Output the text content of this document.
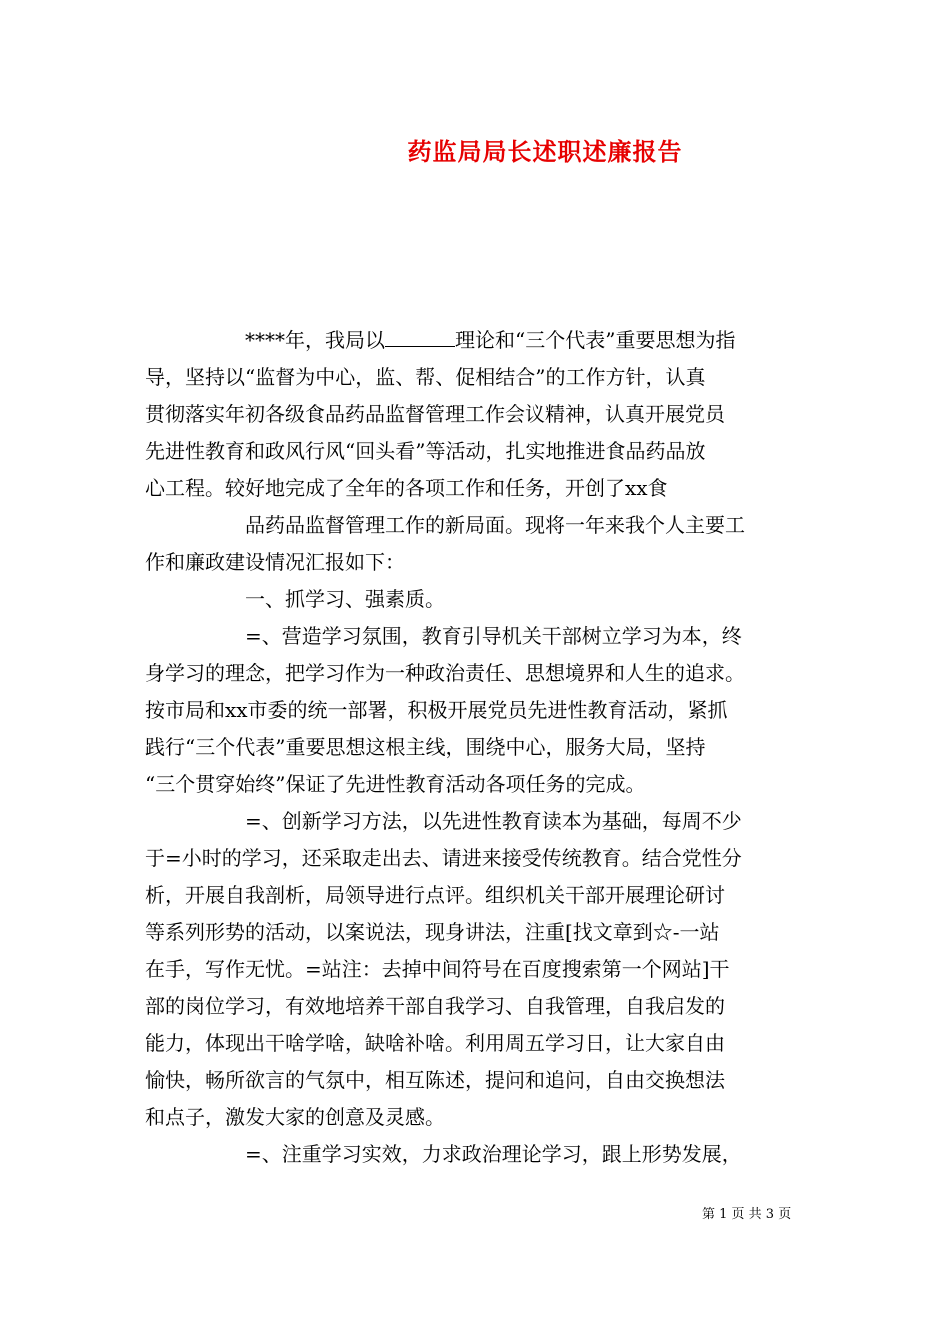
药监局局长述职述廉报告
****年，我局以	理论和“三个代表”重要思想为指
导，坚持以“监督为中心，监、帮、促相结合”的工作方针，认真
贯彻落实年初各级食品药品监督管理工作会议精神，认真开展党员
先进性教育和政风行风“回头看”等活动，扎实地推进食品药品放
心工程。较好地完成了全年的各项工作和任务，开创了xx食
品药品监督管理工作的新局面。现将一年来我个人主要工
作和廉政建设情况汇报如下：
一、抓学习、强素质。
=、营造学习氛围，教育引导机关干部树立学习为本，终
身学习的理念，把学习作为一种政治责任、思想境界和人生的追求。
按市局和xx市委的统一部署，积极开展党员先进性教育活动，紧抓
践行“三个代表”重要思想这根主线，围绕中心，服务大局，坚持
“三个贯穿始终”保证了先进性教育活动各项任务的完成。
=、创新学习方法，以先进性教育读本为基础，每周不少
于=小时的学习，还采取走出去、请进来接受传统教育。结合党性分
析，开展自我剖析，局领导进行点评。组织机关干部开展理论研讨
等系列形势的活动，以案说法，现身讲法，注重[找文章到☆-一站
在手，写作无忧。=站注：去掉中间符号在百度搜索第一个网站]干
部的岗位学习，有效地培养干部自我学习、自我管理，自我启发的
能力，体现出干啥学啥，缺啥补啥。利用周五学习日，让大家自由
愉快，畅所欲言的气氛中，相互陈述，提问和追问，自由交换想法
和点子，激发大家的创意及灵感。
=、注重学习实效，力求政治理论学习，跟上形势发展，
第 1 页 共 3 页
